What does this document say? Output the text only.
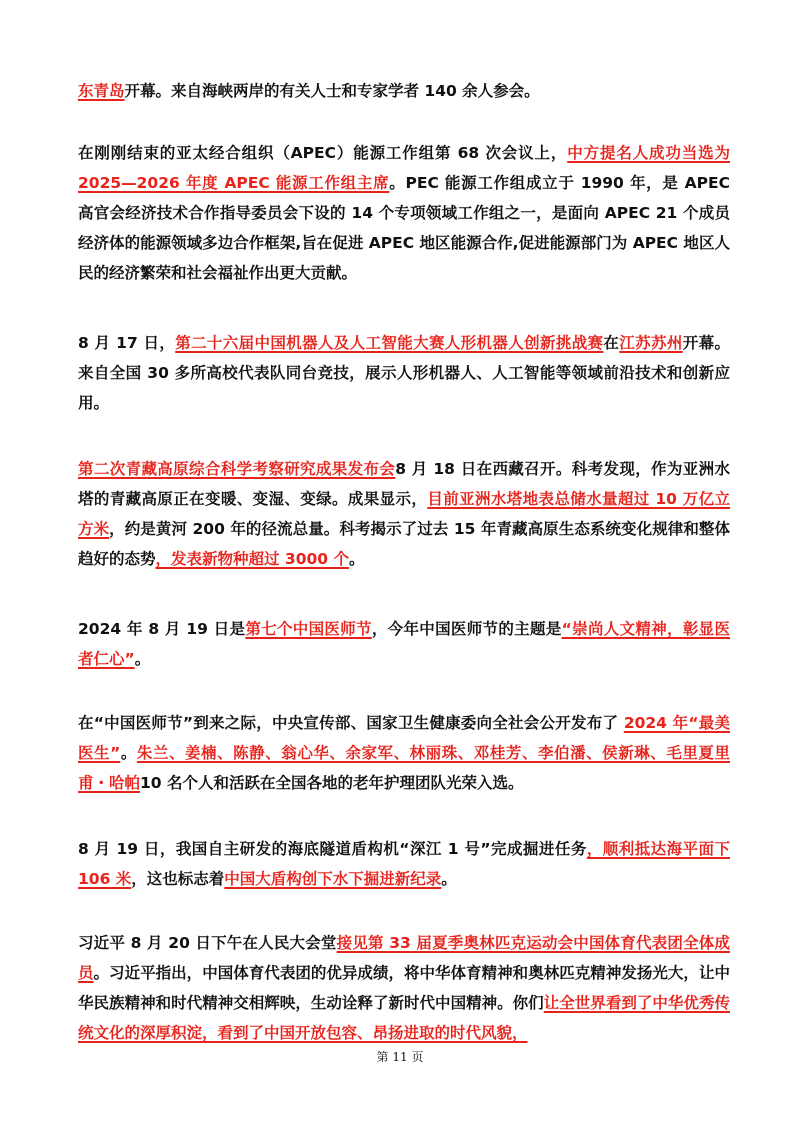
东青岛开幕。来自海峡两岸的有关人士和专家学者 140 余人参会。

在刚刚结束的亚太经合组织（APEC）能源工作组第 68 次会议上，中方提名人成功当选为 2025—2026 年度 APEC 能源工作组主席。PEC 能源工作组成立于 1990 年，是 APEC 高官会经济技术合作指导委员会下设的 14 个专项领域工作组之一，是面向 APEC 21 个成员经济体的能源领域多边合作框架,旨在促进 APEC 地区能源合作,促进能源部门为 APEC 地区人民的经济繁荣和社会福祉作出更大贡献。

8 月 17 日，第二十六届中国机器人及人工智能大赛人形机器人创新挑战赛在江苏苏州开幕。来自全国 30 多所高校代表队同台竞技，展示人形机器人、人工智能等领域前沿技术和创新应用。

第二次青藏高原综合科学考察研究成果发布会8 月 18 日在西藏召开。科考发现，作为亚洲水塔的青藏高原正在变暖、变湿、变绿。成果显示，目前亚洲水塔地表总储水量超过 10 万亿立方米，约是黄河 200 年的径流总量。科考揭示了过去 15 年青藏高原生态系统变化规律和整体趋好的态势，发表新物种超过 3000 个。

2024 年 8 月 19 日是第七个中国医师节，今年中国医师节的主题是“崇尚人文精神，彰显医者仁心”。

在“中国医师节”到来之际，中央宣传部、国家卫生健康委向全社会公开发布了 2024 年“最美医生”。朱兰、姜楠、陈静、翁心华、余家军、林丽珠、邓桂芳、李伯潘、侯新琳、毛里夏里甫・哈帕10 名个人和活跃在全国各地的老年护理团队光荣入选。

8 月 19 日，我国自主研发的海底隧道盾构机“深江 1 号”完成掘进任务，顺利抵达海平面下 106 米，这也标志着中国大盾构创下水下掘进新纪录。

习近平 8 月 20 日下午在人民大会堂接见第 33 届夏季奥林匹克运动会中国体育代表团全体成员。习近平指出，中国体育代表团的优异成绩，将中华体育精神和奥林匹克精神发扬光大，让中华民族精神和时代精神交相辉映，生动诠释了新时代中国精神。你们让全世界看到了中华优秀传统文化的深厚积淀，看到了中国开放包容、昂扬进取的时代风貌，

第 11 页
